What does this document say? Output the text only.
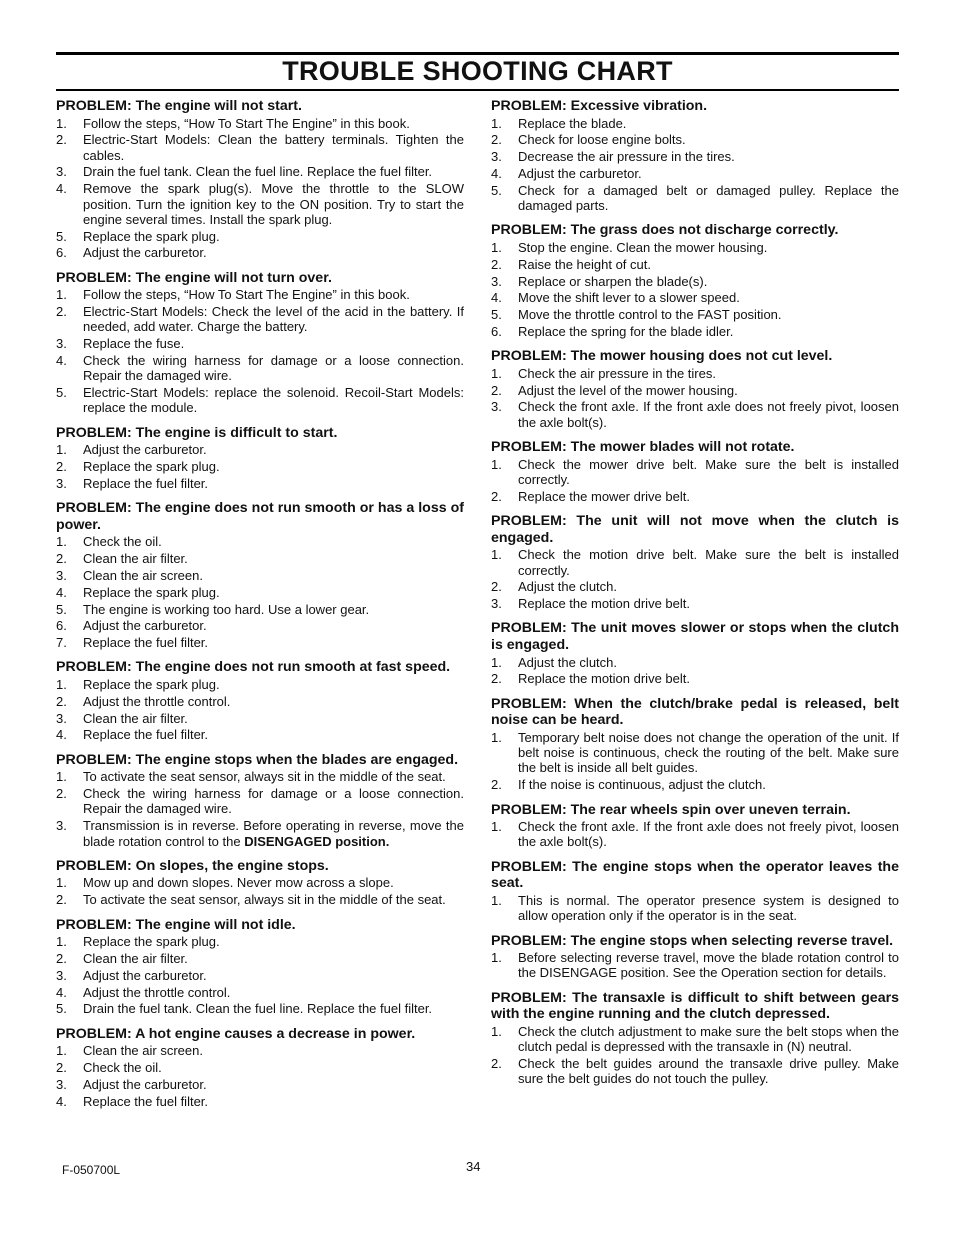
TROUBLE SHOOTING CHART
PROBLEM: The engine will not start.
1.	Follow the steps, “How To Start The Engine” in this book.
2.	Electric-Start Models: Clean the battery terminals. Tighten the cables.
3.	Drain the fuel tank. Clean the fuel line. Replace the fuel filter.
4.	Remove the spark plug(s). Move the throttle to the SLOW position. Turn the ignition key to the ON position. Try to start the engine several times. Install the spark plug.
5.	Replace the spark plug.
6.	Adjust the carburetor.
PROBLEM: The engine will not turn over.
1.	Follow the steps, “How To Start The Engine” in this book.
2.	Electric-Start Models: Check the level of the acid in the battery. If needed, add water. Charge the battery.
3.	Replace the fuse.
4.	Check the wiring harness for damage or a loose connection. Repair the damaged wire.
5.	Electric-Start Models: replace the solenoid. Recoil-Start Models: replace the module.
PROBLEM: The engine is difficult to start.
1.	Adjust the carburetor.
2.	Replace the spark plug.
3.	Replace the fuel filter.
PROBLEM: The engine does not run smooth or has a loss of power.
1.	Check the oil.
2.	Clean the air filter.
3.	Clean the air screen.
4.	Replace the spark plug.
5.	The engine is working too hard. Use a lower gear.
6.	Adjust the carburetor.
7.	Replace the fuel filter.
PROBLEM: The engine does not run smooth at fast speed.
1.	Replace the spark plug.
2.	Adjust the throttle control.
3.	Clean the air filter.
4.	Replace the fuel filter.
PROBLEM: The engine stops when the blades are engaged.
1.	To activate the seat sensor, always sit in the middle of the seat.
2.	Check the wiring harness for damage or a loose connection. Repair the damaged wire.
3.	Transmission is in reverse. Before operating in reverse, move the blade rotation control to the DISENGAGED position.
PROBLEM: On slopes, the engine stops.
1.	Mow up and down slopes. Never mow across a slope.
2.	To activate the seat sensor, always sit in the middle of the seat.
PROBLEM: The engine will not idle.
1.	Replace the spark plug.
2.	Clean the air filter.
3.	Adjust the carburetor.
4.	Adjust the throttle control.
5.	Drain the fuel tank. Clean the fuel line. Replace the fuel filter.
PROBLEM: A hot engine causes a decrease in power.
1.	Clean the air screen.
2.	Check the oil.
3.	Adjust the carburetor.
4.	Replace the fuel filter.
PROBLEM: Excessive vibration.
1.	Replace the blade.
2.	Check for loose engine bolts.
3.	Decrease the air pressure in the tires.
4.	Adjust the carburetor.
5.	Check for a damaged belt or damaged pulley. Replace the damaged parts.
PROBLEM: The grass does not discharge correctly.
1.	Stop the engine. Clean the mower housing.
2.	Raise the height of cut.
3.	Replace or sharpen the blade(s).
4.	Move the shift lever to a slower speed.
5.	Move the throttle control to the FAST position.
6.	Replace the spring for the blade idler.
PROBLEM: The mower housing does not cut level.
1.	Check the air pressure in the tires.
2.	Adjust the level of the mower housing.
3.	Check the front axle. If the front axle does not freely pivot, loosen the axle bolt(s).
PROBLEM: The mower blades will not rotate.
1.	Check the mower drive belt. Make sure the belt is installed correctly.
2.	Replace the mower drive belt.
PROBLEM: The unit will not move when the clutch is engaged.
1.	Check the motion drive belt. Make sure the belt is installed correctly.
2.	Adjust the clutch.
3.	Replace the motion drive belt.
PROBLEM: The unit moves slower or stops when the clutch is engaged.
1.	Adjust the clutch.
2.	Replace the motion drive belt.
PROBLEM: When the clutch/brake pedal is released, belt noise can be heard.
1.	Temporary belt noise does not change the operation of the unit. If belt noise is continuous, check the routing of the belt. Make sure the belt is inside all belt guides.
2.	If the noise is continuous, adjust the clutch.
PROBLEM: The rear wheels spin over uneven terrain.
1.	Check the front axle. If the front axle does not freely pivot, loosen the axle bolt(s).
PROBLEM: The engine stops when the operator leaves the seat.
1.	This is normal. The operator presence system is designed to allow operation only if the operator is in the seat.
PROBLEM: The engine stops when selecting reverse travel.
1.	Before selecting reverse travel, move the blade rotation control to the DISENGAGE position. See the Operation section for details.
PROBLEM: The transaxle is difficult to shift between gears with the engine running and the clutch depressed.
1.	Check the clutch adjustment to make sure the belt stops when the clutch pedal is depressed with the transaxle in (N) neutral.
2.	Check the belt guides around the transaxle drive pulley. Make sure the belt guides do not touch the pulley.
F-050700L	34
